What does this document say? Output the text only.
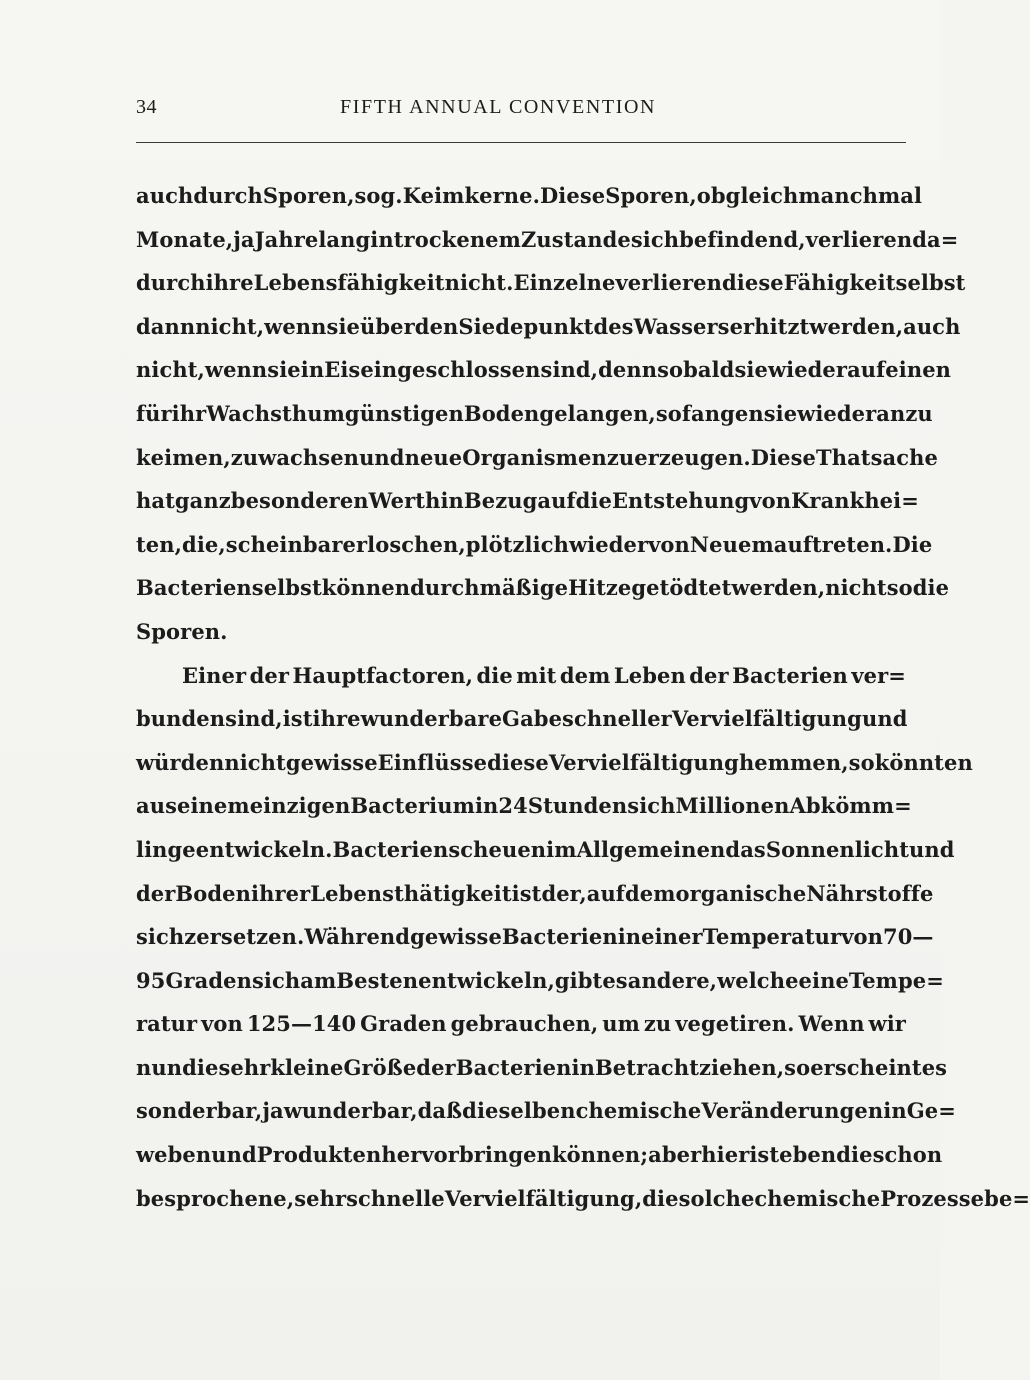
34	FIFTH ANNUAL CONVENTION
auch durch Sporen, sog. Keimkerne. Diese Sporen, obgleich manchmal
Monate, ja Jahrelang in trockenem Zustande sich befindend, verlieren da=
durch ihre Lebensfähigkeit nicht. Einzelne verlieren diese Fähigkeit selbst
dann nicht, wenn sie über den Siedepunkt des Wassers erhitzt werden, auch
nicht, wenn sie in Eis eingeschlossen sind, denn sobald sie wieder auf einen
für ihr Wachsthum günstigen Boden gelangen, so fangen sie wieder an zu
keimen, zu wachsen und neue Organismen zu erzeugen. Diese Thatsache
hat ganz besonderen Werth in Bezug auf die Entstehung von Krankhei=
ten, die, scheinbar erloschen, plötzlich wieder von Neuem auftreten. Die
Bacterien selbst können durch mäßige Hitze getödtet werden, nicht so die
Sporen.
Einer der Hauptfactoren, die mit dem Leben der Bacterien ver=
bunden sind, ist ihre wunderbare Gabe schneller Vervielfältigung und
würden nicht gewisse Einflüsse diese Vervielfältigung hemmen, so könnten
aus einem einzigen Bacterium in 24 Stunden sich Millionen Abkömm=
linge entwickeln. Bacterien scheuen im Allgemeinen das Sonnenlicht und
der Boden ihrer Lebensthätigkeit ist der, auf dem organische Nährstoffe
sich zersetzen. Während gewisse Bacterien in einer Temperatur von 70—
95 Graden sich am Besten entwickeln, gibt es andere, welche eine Tempe=
ratur von 125—140 Graden gebrauchen, um zu vegetiren. Wenn wir
nun die sehr kleine Größe der Bacterien in Betracht ziehen, so erscheint es
sonderbar, ja wunderbar, daß dieselben chemische Veränderungen in Ge=
weben und Produkten hervorbringen können; aber hier ist eben die schon
besprochene, sehr schnelle Vervielfältigung, die solche chemische Prozesse be=
